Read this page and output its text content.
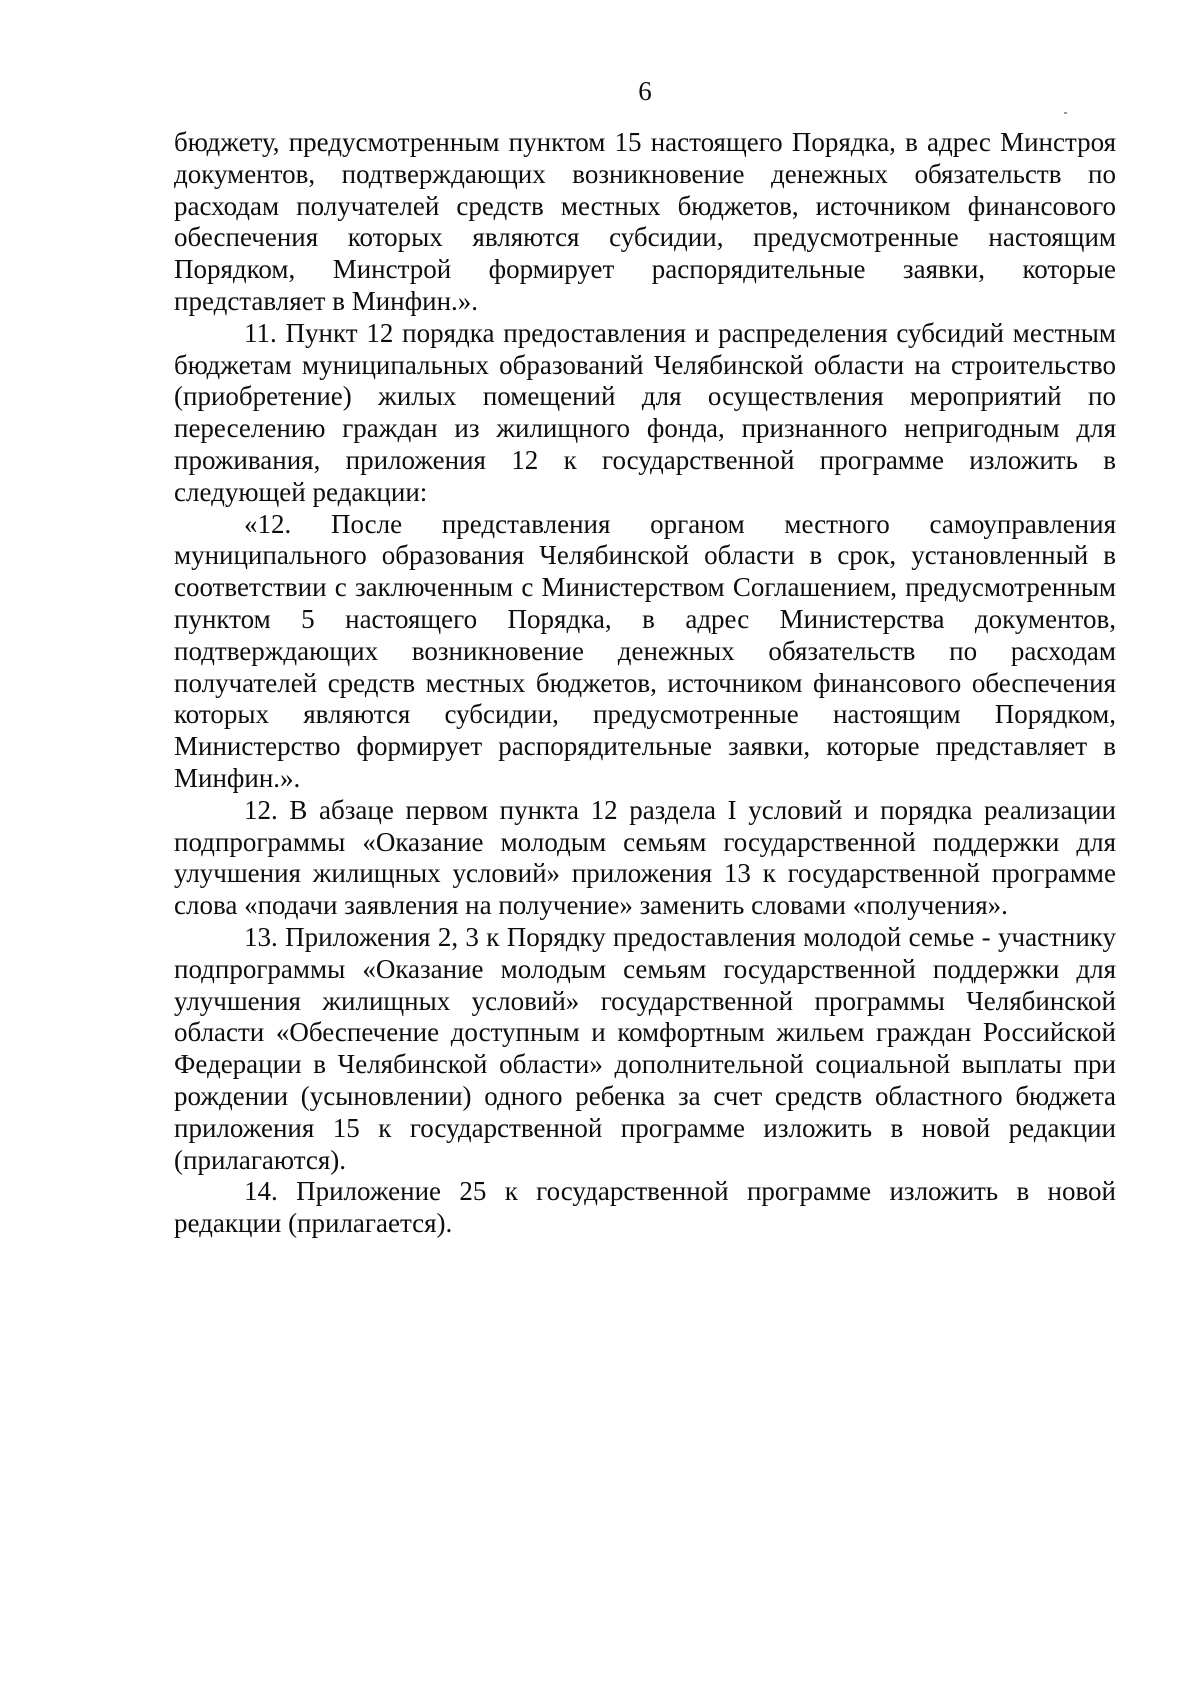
6

бюджету, предусмотренным пунктом 15 настоящего Порядка, в адрес Минстроя документов, подтверждающих возникновение денежных обязательств по расходам получателей средств местных бюджетов, источником финансового обеспечения которых являются субсидии, предусмотренные настоящим Порядком, Минстрой формирует распорядительные заявки, которые представляет в Минфин.».

11. Пункт 12 порядка предоставления и распределения субсидий местным бюджетам муниципальных образований Челябинской области на строительство (приобретение) жилых помещений для осуществления мероприятий по переселению граждан из жилищного фонда, признанного непригодным для проживания, приложения 12 к государственной программе изложить в следующей редакции:

«12. После представления органом местного самоуправления муниципального образования Челябинской области в срок, установленный в соответствии с заключенным с Министерством Соглашением, предусмотренным пунктом 5 настоящего Порядка, в адрес Министерства документов, подтверждающих возникновение денежных обязательств по расходам получателей средств местных бюджетов, источником финансового обеспечения которых являются субсидии, предусмотренные настоящим Порядком, Министерство формирует распорядительные заявки, которые представляет в Минфин.».

12. В абзаце первом пункта 12 раздела I условий и порядка реализации подпрограммы «Оказание молодым семьям государственной поддержки для улучшения жилищных условий» приложения 13 к государственной программе слова «подачи заявления на получение» заменить словами «получения».

13. Приложения 2, 3 к Порядку предоставления молодой семье - участнику подпрограммы «Оказание молодым семьям государственной поддержки для улучшения жилищных условий» государственной программы Челябинской области «Обеспечение доступным и комфортным жильем граждан Российской Федерации в Челябинской области» дополнительной социальной выплаты при рождении (усыновлении) одного ребенка за счет средств областного бюджета приложения 15 к государственной программе изложить в новой редакции (прилагаются).

14. Приложение 25 к государственной программе изложить в новой редакции (прилагается).
